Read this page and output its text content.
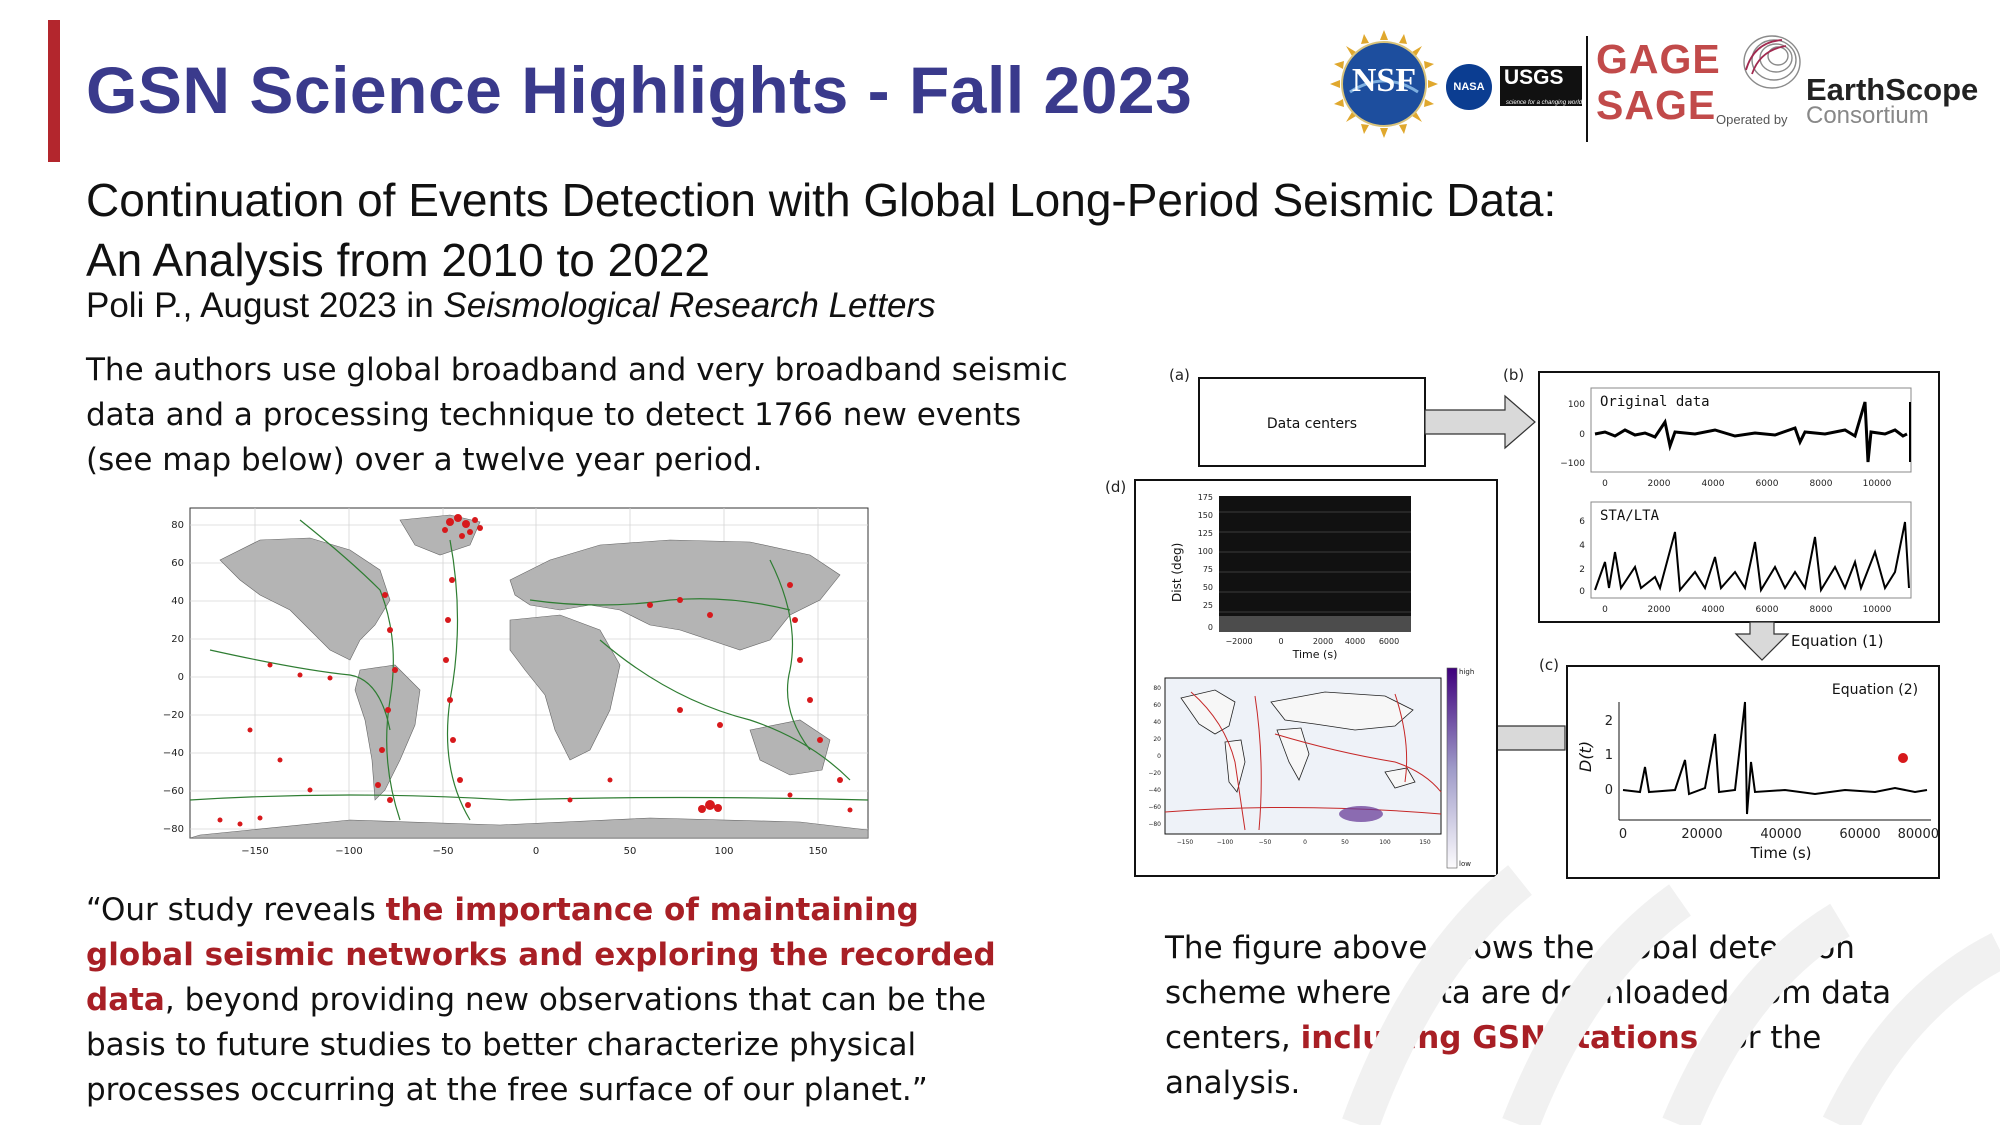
GSN Science Highlights - Fall 2023	NSF	NASA USGS
science for a changing world
GAGE
SAGE Operated by
EarthScope
Consortium
Continuation of Events Detection with Global Long-Period Seismic Data:
An Analysis from 2010 to 2022
Poli P., August 2023 in Seismological Research Letters

The authors use global broadband and very broadband seismic data and a processing technique to detect 1766 new events (see map below) over a twelve year period.

80
60
40
20
0
−20
−40
−60
−80
−150	−100	−50	0	50	100	150

“Our study reveals the importance of maintaining global seismic networks and exploring the recorded data, beyond providing new observations that can be the basis to future studies to better characterize physical processes occurring at the free surface of our planet.”

(a)	(b)
(d)
(c)
Data centers
Original data
100
0
−100
0	2000	4000	6000	8000	10000
STA/LTA
6
4
2
0
0	2000	4000	6000	8000	10000
Equation (1)
Equation (2)
D(t)
2
1
0
0	20000	40000	60000 80000
Time (s)
Dist (deg)
175
150
125
100
75
50
25
0
−2000	0	2000 4000 6000
Time (s)
80
60
40
20
0
−20
−40
−60
−80
−150	−100	−50	0	50	100	150
high
low

The figure above shows the global detection scheme where data are downloaded from data centers, including GSN stations, for the analysis.
